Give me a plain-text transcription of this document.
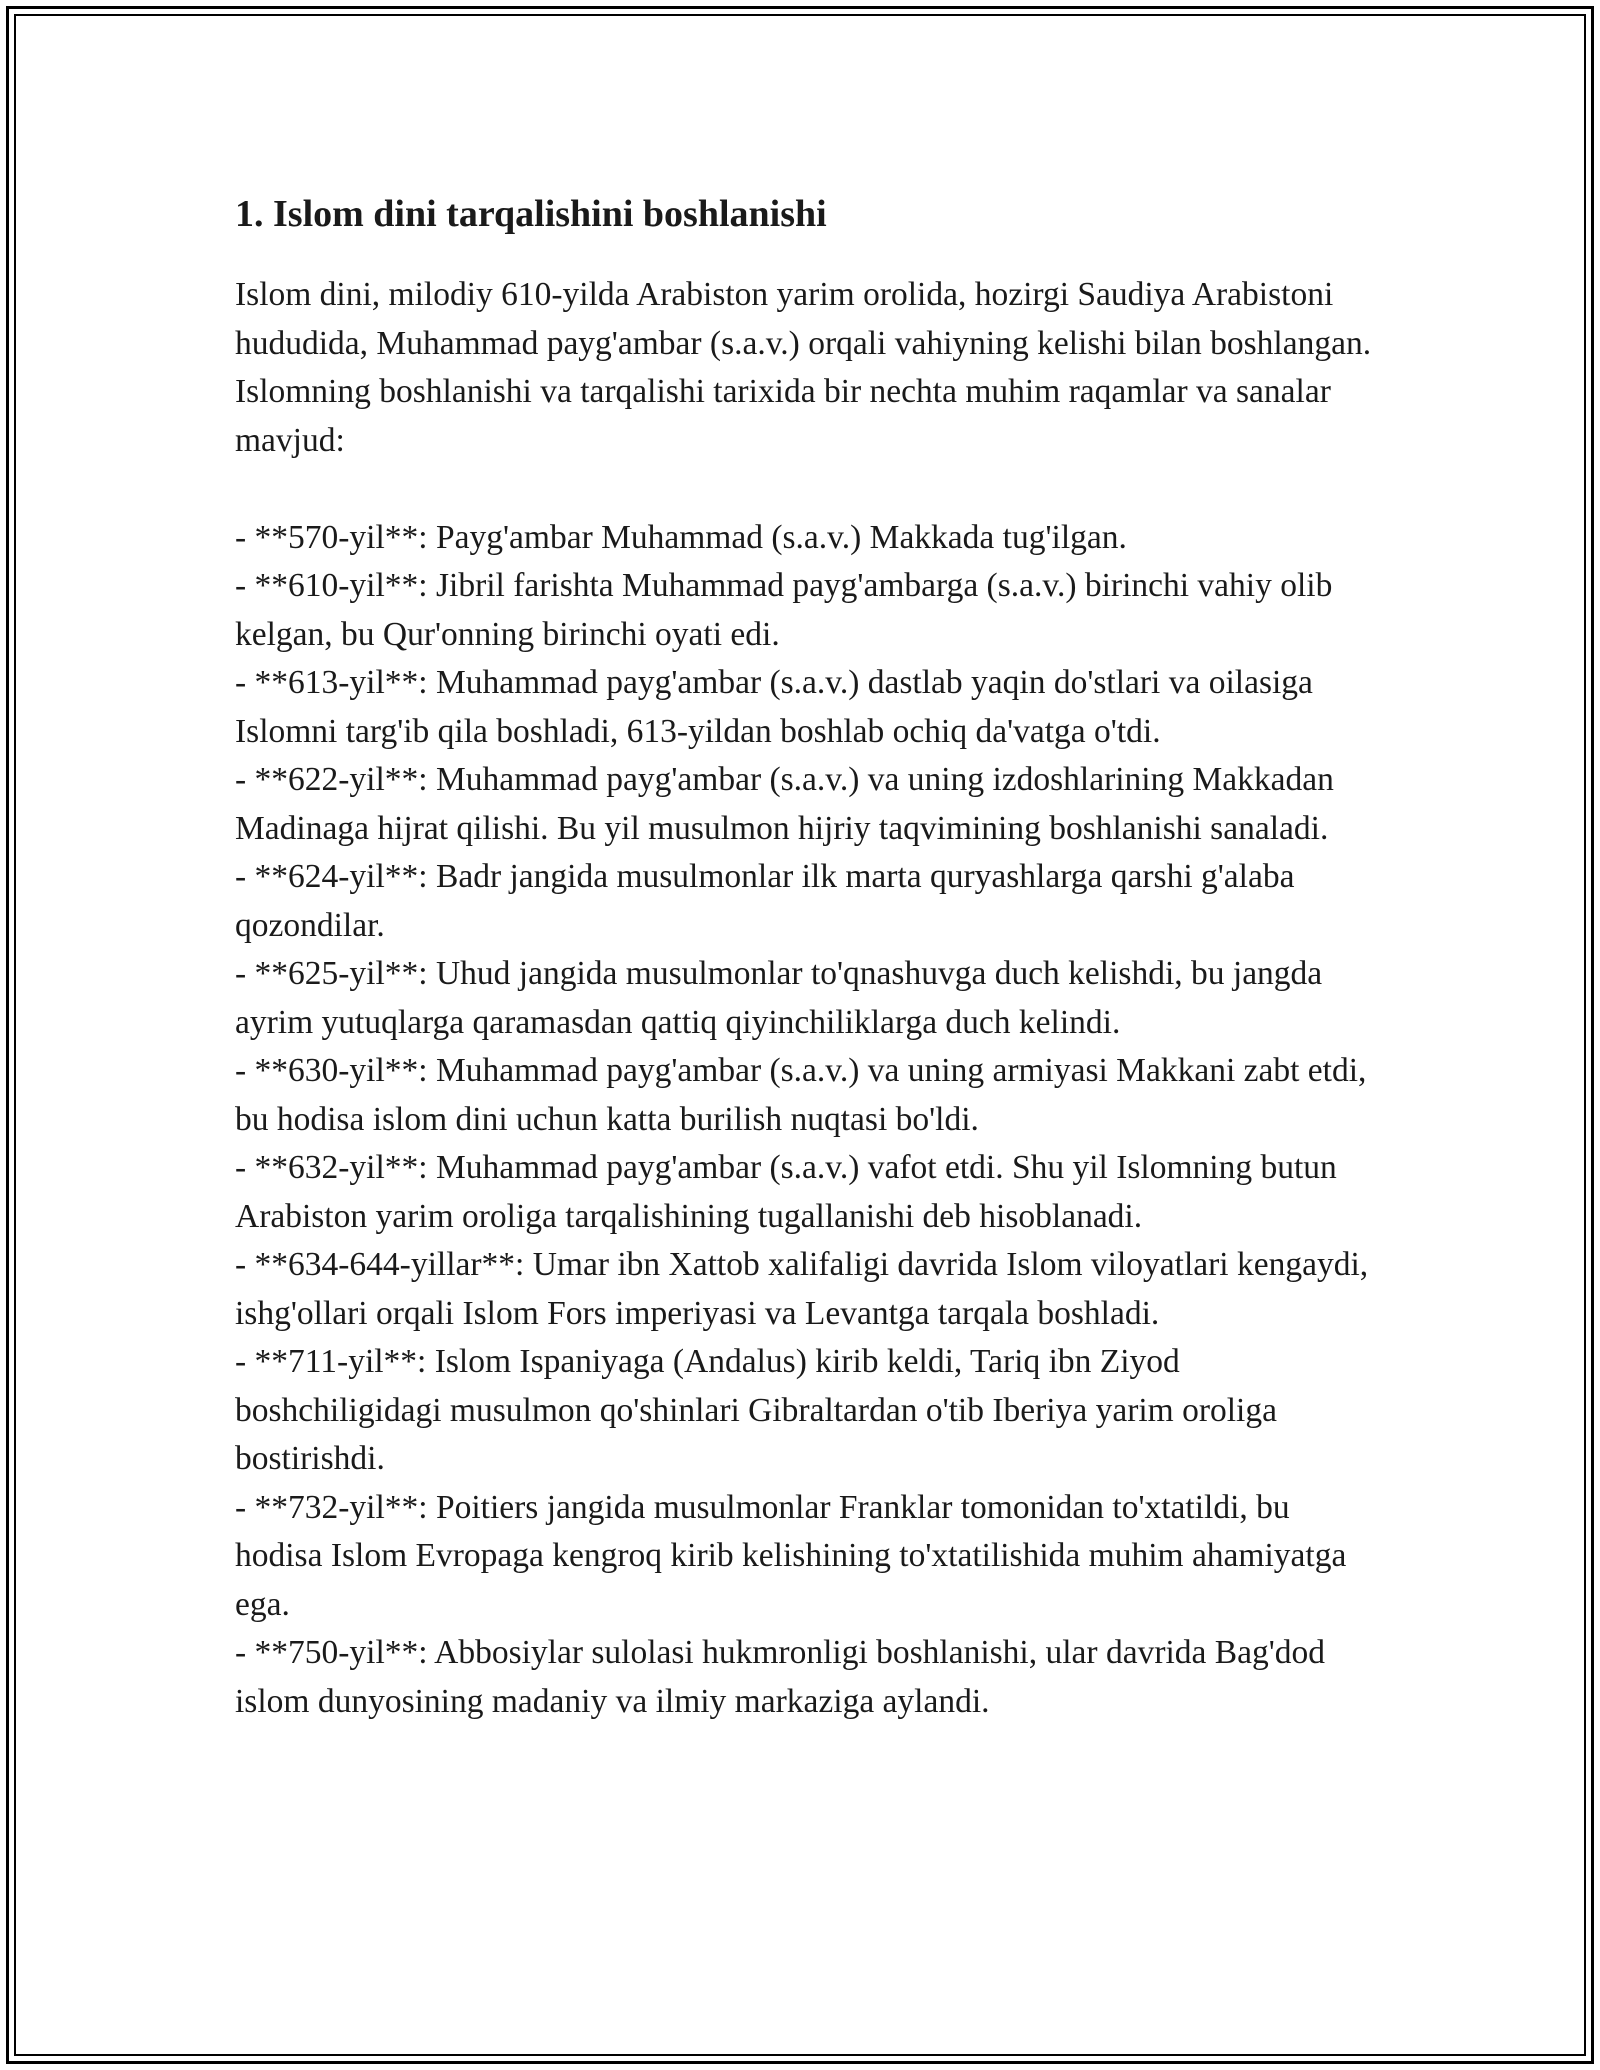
1. Islom dini tarqalishini boshlanishi

Islom dini, milodiy 610-yilda Arabiston yarim orolida, hozirgi Saudiya Arabistoni hududida, Muhammad payg'ambar (s.a.v.) orqali vahiyning kelishi bilan boshlangan. Islomning boshlanishi va tarqalishi tarixida bir nechta muhim raqamlar va sanalar mavjud:

- **570-yil**: Payg'ambar Muhammad (s.a.v.) Makkada tug'ilgan.

- **610-yil**: Jibril farishta Muhammad payg'ambarga (s.a.v.) birinchi vahiy olib kelgan, bu Qur'onning birinchi oyati edi.

- **613-yil**: Muhammad payg'ambar (s.a.v.) dastlab yaqin do'stlari va oilasiga Islomni targ'ib qila boshladi, 613-yildan boshlab ochiq da'vatga o'tdi.

- **622-yil**: Muhammad payg'ambar (s.a.v.) va uning izdoshlarining Makkadan Madinaga hijrat qilishi. Bu yil musulmon hijriy taqvimining boshlanishi sanaladi.

- **624-yil**: Badr jangida musulmonlar ilk marta quryashlarga qarshi g'alaba qozondilar.

- **625-yil**: Uhud jangida musulmonlar to'qnashuvga duch kelishdi, bu jangda ayrim yutuqlarga qaramasdan qattiq qiyinchiliklarga duch kelindi.

- **630-yil**: Muhammad payg'ambar (s.a.v.) va uning armiyasi Makkani zabt etdi, bu hodisa islom dini uchun katta burilish nuqtasi bo'ldi.

- **632-yil**: Muhammad payg'ambar (s.a.v.) vafot etdi. Shu yil Islomning butun Arabiston yarim oroliga tarqalishining tugallanishi deb hisoblanadi.

- **634-644-yillar**: Umar ibn Xattob xalifaligi davrida Islom viloyatlari kengaydi, ishg'ollari orqali Islom Fors imperiyasi va Levantga tarqala boshladi.

- **711-yil**: Islom Ispaniyaga (Andalus) kirib keldi, Tariq ibn Ziyod boshchiligidagi musulmon qo'shinlari Gibraltardan o'tib Iberiya yarim oroliga bostirishdi.

- **732-yil**: Poitiers jangida musulmonlar Franklar tomonidan to'xtatildi, bu hodisa Islom Evropaga kengroq kirib kelishining to'xtatilishida muhim ahamiyatga ega.

- **750-yil**: Abbosiylar sulolasi hukmronligi boshlanishi, ular davrida Bag'dod islom dunyosining madaniy va ilmiy markaziga aylandi.
